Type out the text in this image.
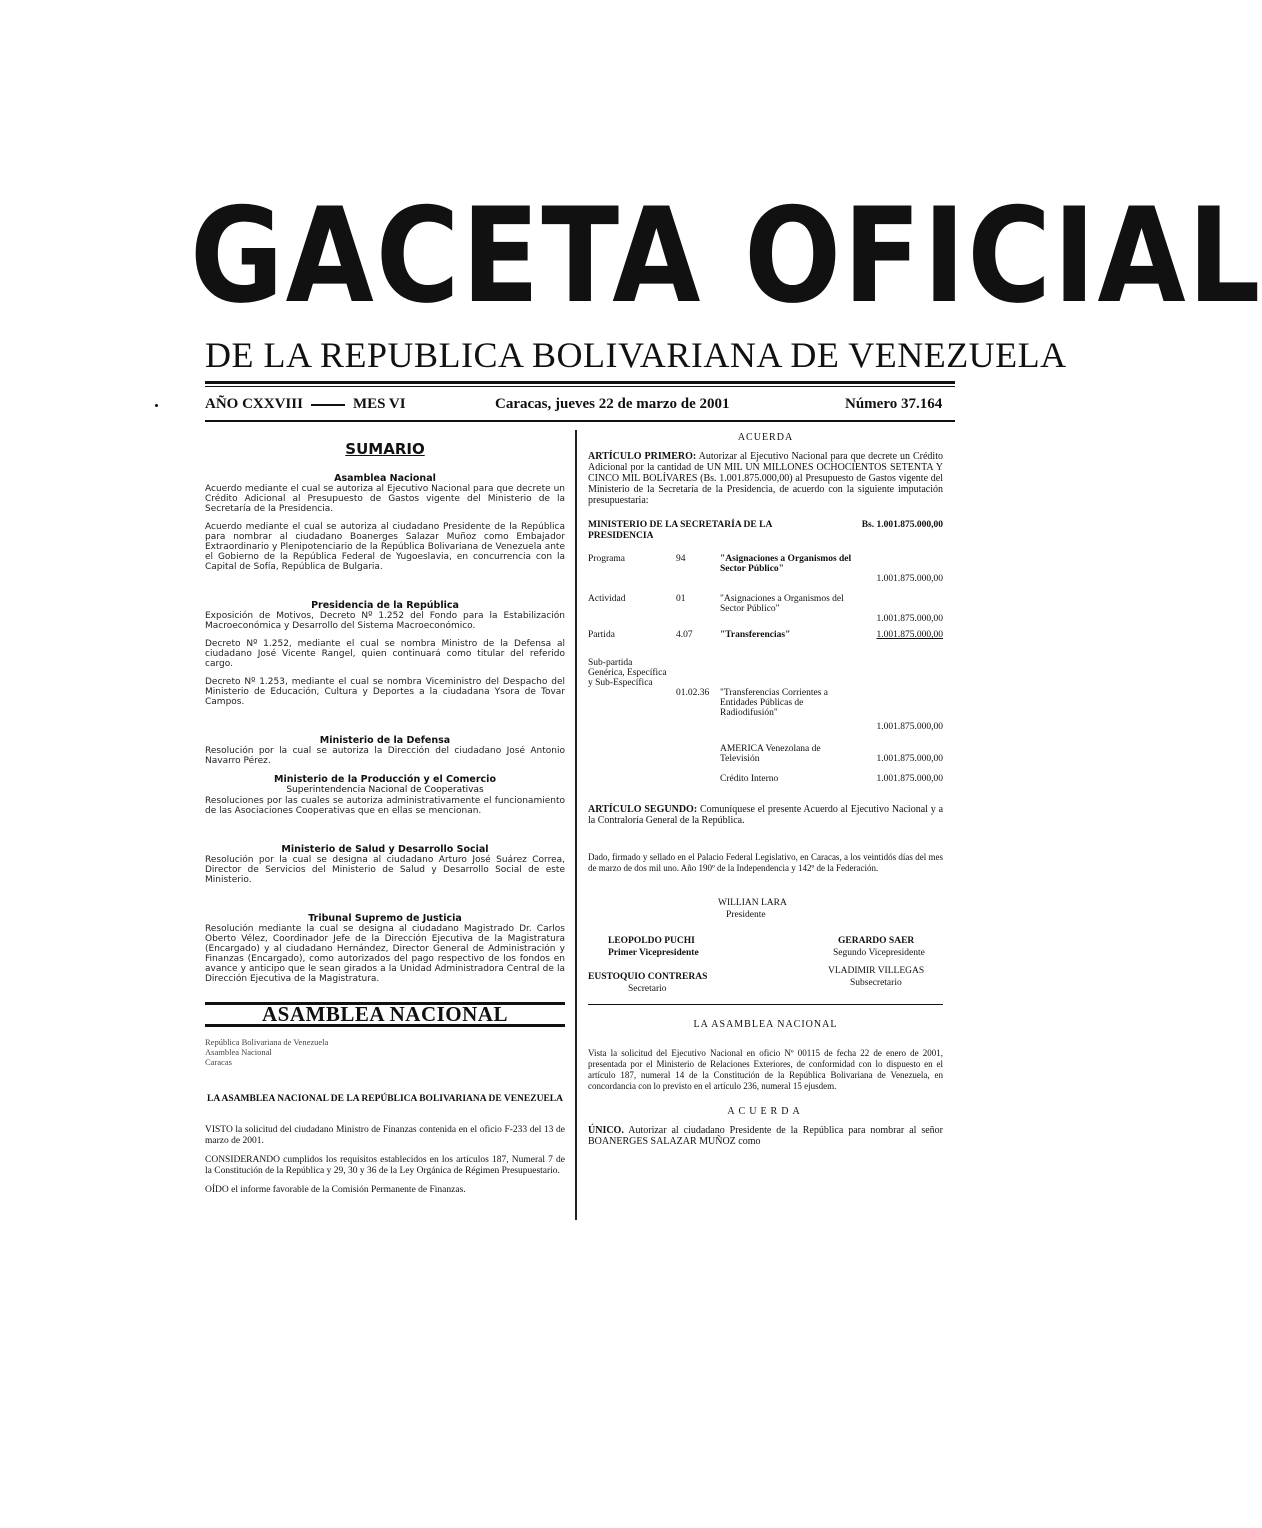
GACETA OFICIAL
DE LA REPUBLICA BOLIVARIANA DE VENEZUELA
AÑO CXXVIII	MES VI	Caracas, jueves 22 de marzo de 2001	Número 37.164
SUMARIO
Asamblea Nacional
Acuerdo mediante el cual se autoriza al Ejecutivo Nacional para que decrete un Crédito Adicional al Presupuesto de Gastos vigente del Ministerio de la Secretaría de la Presidencia.
Acuerdo mediante el cual se autoriza al ciudadano Presidente de la República para nombrar al ciudadano Boanerges Salazar Muñoz como Embajador Extraordinario y Plenipotenciario de la República Bolivariana de Venezuela ante el Gobierno de la República Federal de Yugoeslavia, en concurrencia con la Capital de Sofía, República de Bulgaria.
Presidencia de la República
Exposición de Motivos, Decreto Nº 1.252 del Fondo para la Estabilización Macroeconómica y Desarrollo del Sistema Macroeconómico.
Decreto Nº 1.252, mediante el cual se nombra Ministro de la Defensa al ciudadano José Vicente Rangel, quien continuará como titular del referido cargo.
Decreto Nº 1.253, mediante el cual se nombra Viceministro del Despacho del Ministerio de Educación, Cultura y Deportes a la ciudadana Ysora de Tovar Campos.
Ministerio de la Defensa
Resolución por la cual se autoriza la Dirección del ciudadano José Antonio Navarro Pérez.
Ministerio de la Producción y el Comercio
Superintendencia Nacional de Cooperativas
Resoluciones por las cuales se autoriza administrativamente el funcionamiento de las Asociaciones Cooperativas que en ellas se mencionan.
Ministerio de Salud y Desarrollo Social
Resolución por la cual se designa al ciudadano Arturo José Suárez Correa, Director de Servicios del Ministerio de Salud y Desarrollo Social de este Ministerio.
Tribunal Supremo de Justicia
Resolución mediante la cual se designa al ciudadano Magistrado Dr. Carlos Oberto Vélez, Coordinador Jefe de la Dirección Ejecutiva de la Magistratura (Encargado) y al ciudadano Hernández, Director General de Administración y Finanzas (Encargado), como autorizados del pago respectivo de los fondos en avance y anticipo que le sean girados a la Unidad Administradora Central de la Dirección Ejecutiva de la Magistratura.
ASAMBLEA NACIONAL
República Bolivariana de Venezuela
Asamblea Nacional
Caracas
LA ASAMBLEA NACIONAL DE LA REPÚBLICA BOLIVARIANA DE VENEZUELA
VISTO la solicitud del ciudadano Ministro de Finanzas contenida en el oficio F-233 del 13 de marzo de 2001.
CONSIDERANDO cumplidos los requisitos establecidos en los artículos 187, Numeral 7 de la Constitución de la República y 29, 30 y 36 de la Ley Orgánica de Régimen Presupuestario.
OÍDO el informe favorable de la Comisión Permanente de Finanzas.
ACUERDA
ARTÍCULO PRIMERO: Autorizar al Ejecutivo Nacional para que decrete un Crédito Adicional por la cantidad de UN MIL UN MILLONES OCHOCIENTOS SETENTA Y CINCO MIL BOLÍVARES (Bs. 1.001.875.000,00) al Presupuesto de Gastos vigente del Ministerio de la Secretaría de la Presidencia, de acuerdo con la siguiente imputación presupuestaria:
MINISTERIO DE LA SECRETARÍA DE LA PRESIDENCIA
Bs. 1.001.875.000,00
Programa	94	"Asignaciones a Organismos del Sector Público"
1.001.875.000,00
Actividad	01	"Asignaciones a Organismos del Sector Público"
1.001.875.000,00
Partida	4.07	"Transferencias"	1.001.875.000,00
Sub-partida Genérica, Específica y Sub-Específica
01.02.36 "Transferencias Corrientes a Entidades Públicas de Radiodifusión"
1.001.875.000,00
AMERICA Venezolana de Televisión	1.001.875.000,00
Crédito Interno	1.001.875.000,00
ARTÍCULO SEGUNDO: Comuníquese el presente Acuerdo al Ejecutivo Nacional y a la Contraloría General de la República.
Dado, firmado y sellado en el Palacio Federal Legislativo, en Caracas, a los veintidós días del mes de marzo de dos mil uno. Año 190º de la Independencia y 142º de la Federación.
WILLIAN LARA
Presidente
LEOPOLDO PUCHI
Primer Vicepresidente
GERARDO SAER
Segundo Vicepresidente
EUSTOQUIO CONTRERAS
Secretario
VLADIMIR VILLEGAS
Subsecretario
LA ASAMBLEA NACIONAL
Vista la solicitud del Ejecutivo Nacional en oficio Nº 00115 de fecha 22 de enero de 2001, presentada por el Ministerio de Relaciones Exteriores, de conformidad con lo dispuesto en el artículo 187, numeral 14 de la Constitución de la República Bolivariana de Venezuela, en concordancia con lo previsto en el artículo 236, numeral 15 ejusdem.
ACUERDA
ÚNICO. Autorizar al ciudadano Presidente de la República para nombrar al señor BOANERGES SALAZAR MUÑOZ como
